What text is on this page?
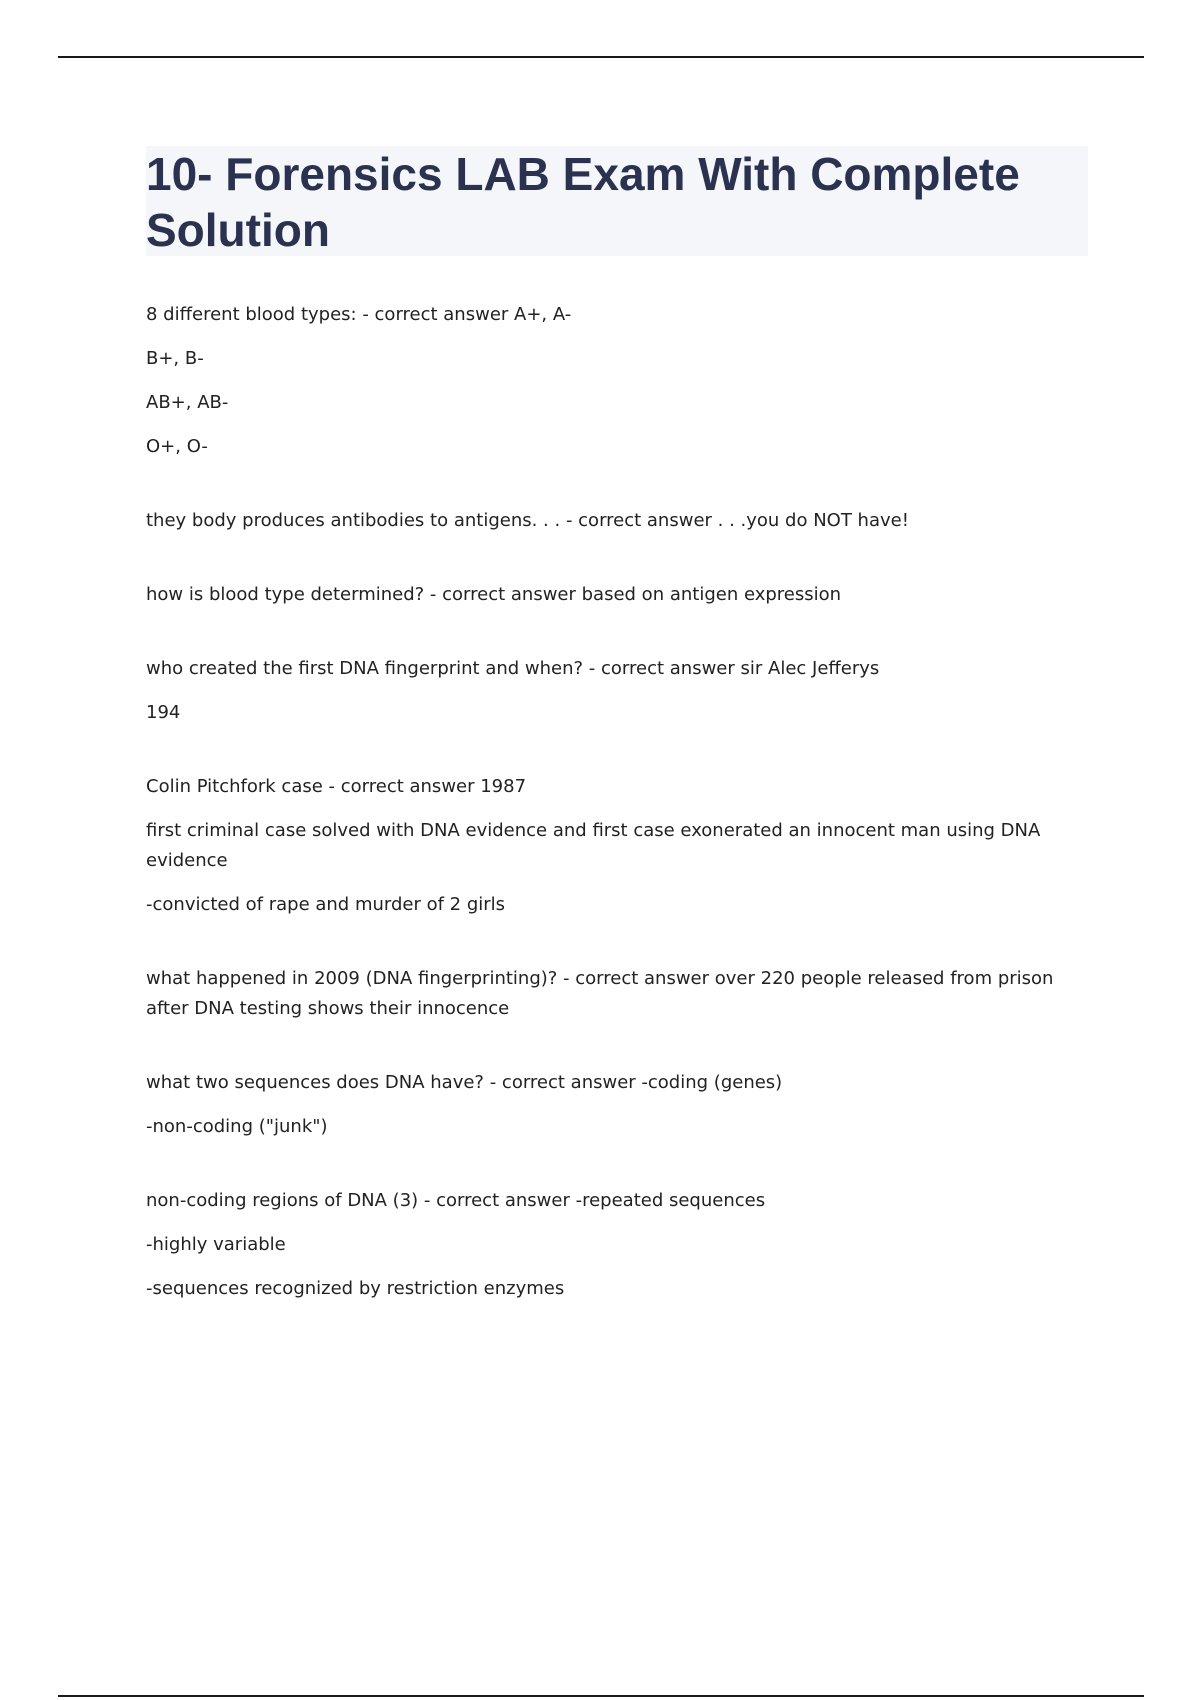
10- Forensics LAB Exam With Complete Solution

8 different blood types: - correct answer A+, A-

B+, B-

AB+, AB-

O+, O-

they body produces antibodies to antigens. . . - correct answer . . .you do NOT have!

how is blood type determined? - correct answer based on antigen expression

who created the first DNA fingerprint and when? - correct answer sir Alec Jefferys

194

Colin Pitchfork case - correct answer 1987

first criminal case solved with DNA evidence and first case exonerated an innocent man using DNA evidence

-convicted of rape and murder of 2 girls

what happened in 2009 (DNA fingerprinting)? - correct answer over 220 people released from prison after DNA testing shows their innocence

what two sequences does DNA have? - correct answer -coding (genes)

-non-coding ("junk")

non-coding regions of DNA (3) - correct answer -repeated sequences

-highly variable

-sequences recognized by restriction enzymes
